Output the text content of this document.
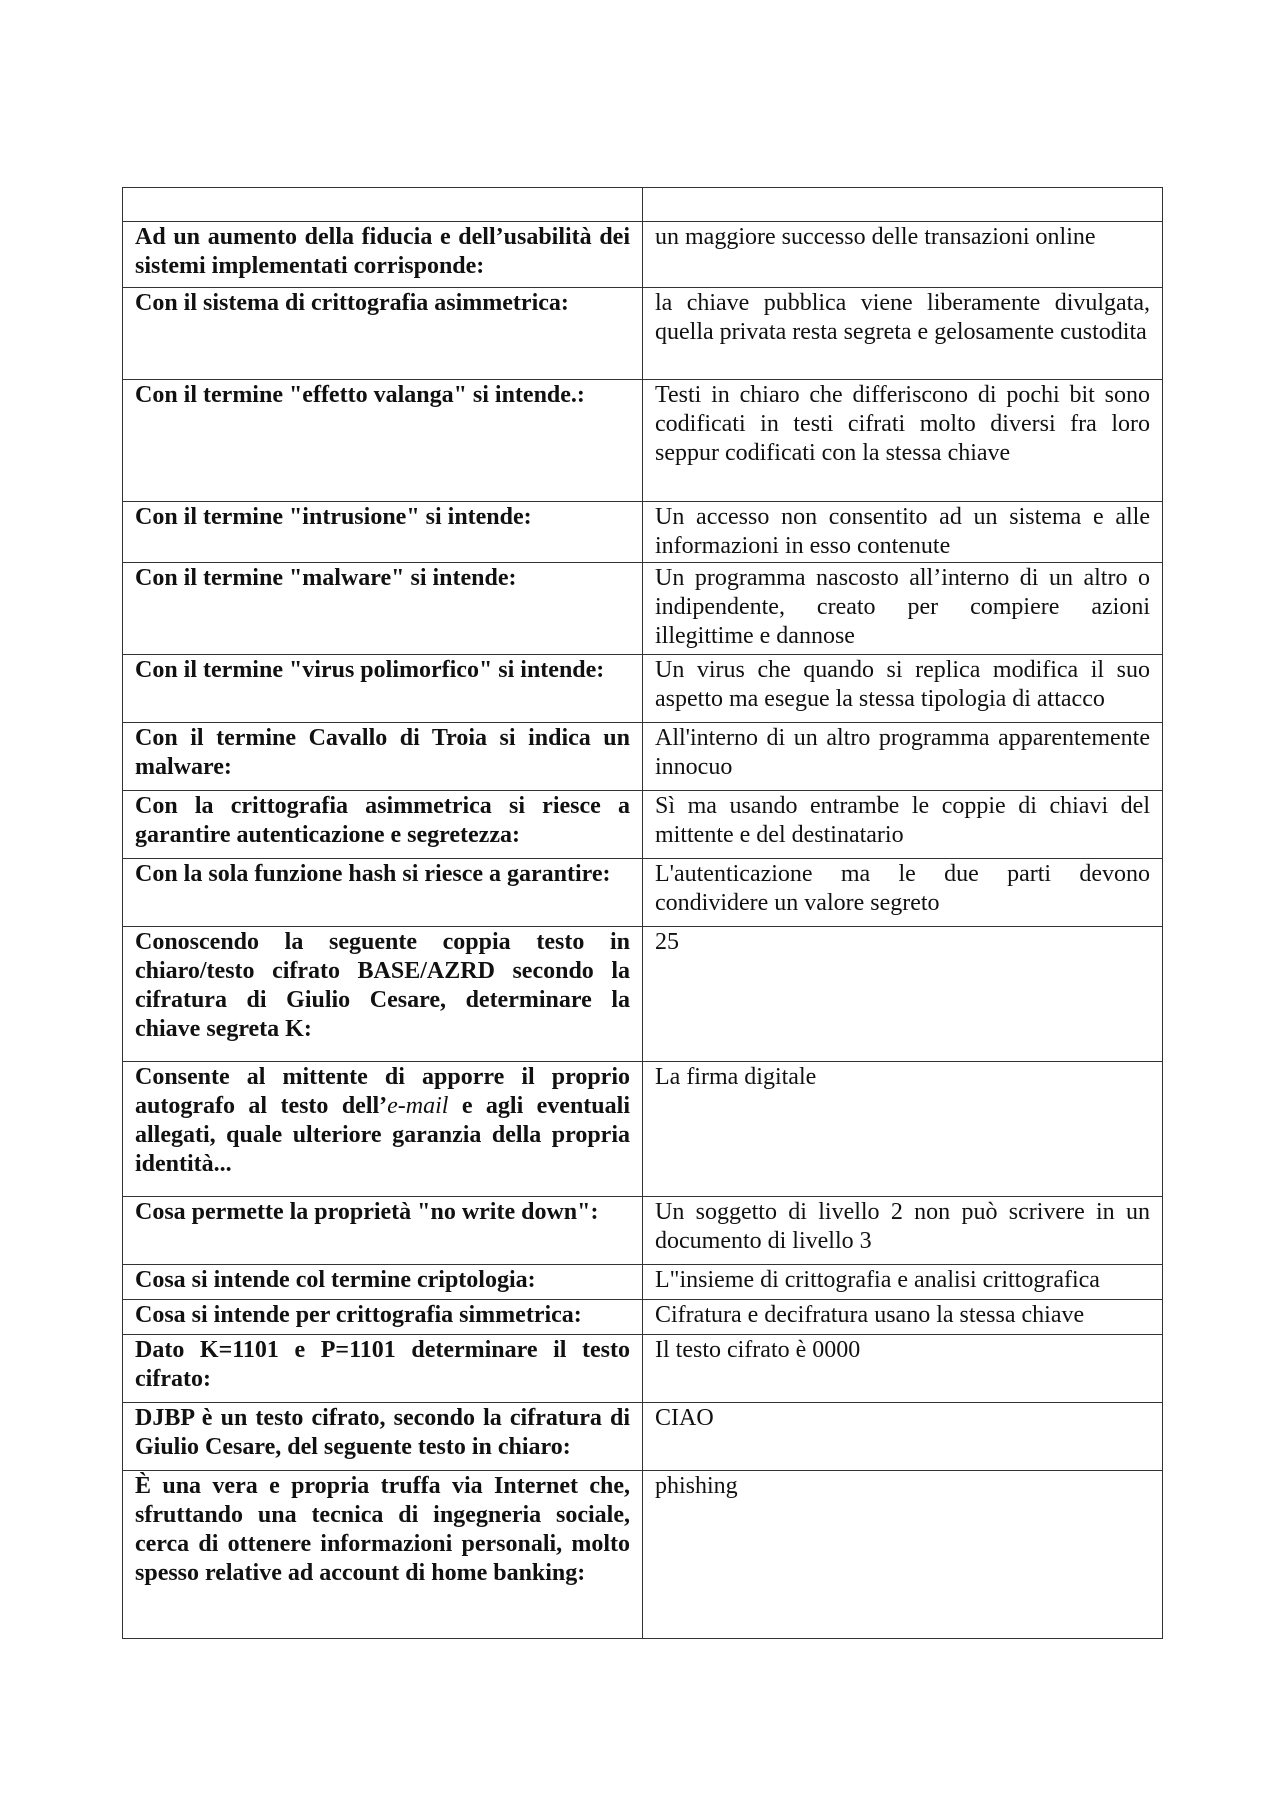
Ad un aumento della fiducia e dell’usabilità dei sistemi implementati corrisponde:	un maggiore successo delle transazioni online
Con il sistema di crittografia asimmetrica:	la chiave pubblica viene liberamente divulgata, quella privata resta segreta e gelosamente custodita
Con il termine "effetto valanga" si intende.:	Testi in chiaro che differiscono di pochi bit sono codificati in testi cifrati molto diversi fra loro seppur codificati con la stessa chiave
Con il termine "intrusione" si intende:	Un accesso non consentito ad un sistema e alle informazioni in esso contenute
Con il termine "malware" si intende:	Un programma nascosto all’interno di un altro o indipendente, creato per compiere azioni illegittime e dannose
Con il termine "virus polimorfico" si intende:	Un virus che quando si replica modifica il suo aspetto ma esegue la stessa tipologia di attacco
Con il termine Cavallo di Troia si indica un malware:	All'interno di un altro programma apparentemente innocuo
Con la crittografia asimmetrica si riesce a garantire autenticazione e segretezza:	Sì ma usando entrambe le coppie di chiavi del mittente e del destinatario
Con la sola funzione hash si riesce a garantire:	L'autenticazione ma le due parti devono condividere un valore segreto
Conoscendo la seguente coppia testo in chiaro/testo cifrato BASE/AZRD secondo la cifratura di Giulio Cesare, determinare la chiave segreta K:	25
Consente al mittente di apporre il proprio autografo al testo dell’e-mail e agli eventuali allegati, quale ulteriore garanzia della propria identità...	La firma digitale
Cosa permette la proprietà "no write down":	Un soggetto di livello 2 non può scrivere in un documento di livello 3
Cosa si intende col termine criptologia:	L"insieme di crittografia e analisi crittografica
Cosa si intende per crittografia simmetrica:	Cifratura e decifratura usano la stessa chiave
Dato K=1101 e P=1101 determinare il testo cifrato:	Il testo cifrato è 0000
DJBP è un testo cifrato, secondo la cifratura di Giulio Cesare, del seguente testo in chiaro:	CIAO
È una vera e propria truffa via Internet che, sfruttando una tecnica di ingegneria sociale, cerca di ottenere informazioni personali, molto spesso relative ad account di home banking:	phishing
